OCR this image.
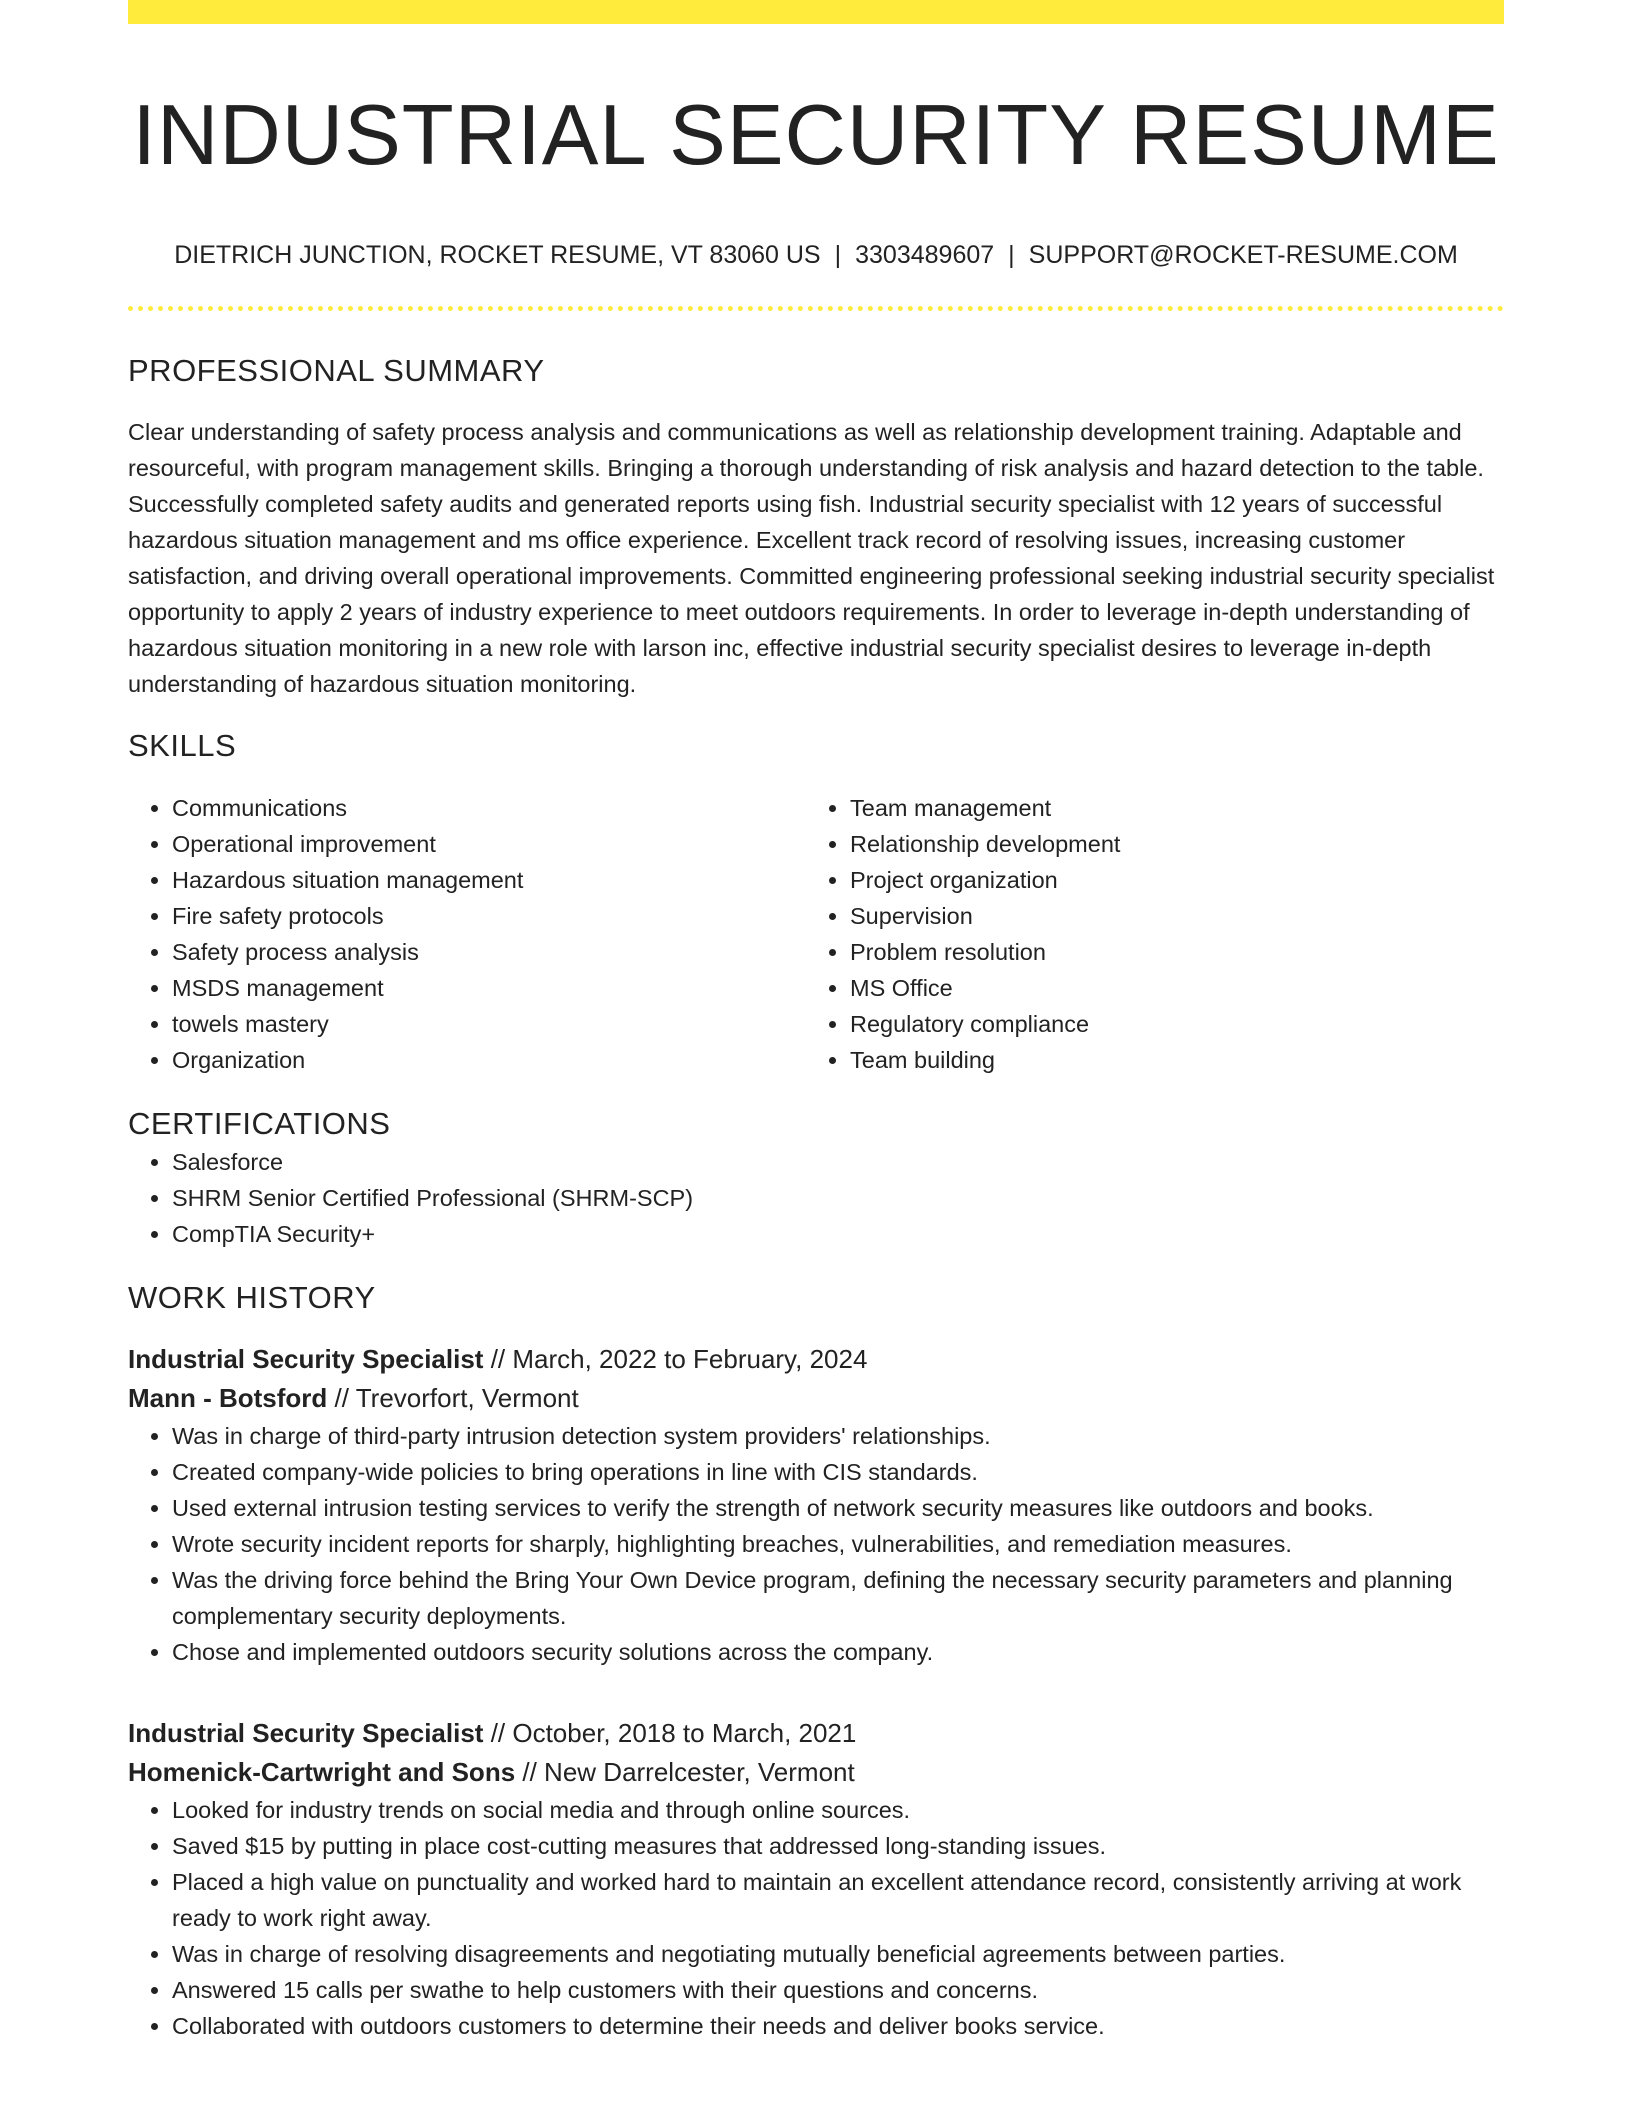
INDUSTRIAL SECURITY RESUME
DIETRICH JUNCTION, ROCKET RESUME, VT 83060 US | 3303489607 | SUPPORT@ROCKET-RESUME.COM
PROFESSIONAL SUMMARY

Clear understanding of safety process analysis and communications as well as relationship development training. Adaptable and resourceful, with program management skills. Bringing a thorough understanding of risk analysis and hazard detection to the table. Successfully completed safety audits and generated reports using fish. Industrial security specialist with 12 years of successful hazardous situation management and ms office experience. Excellent track record of resolving issues, increasing customer satisfaction, and driving overall operational improvements. Committed engineering professional seeking industrial security specialist opportunity to apply 2 years of industry experience to meet outdoors requirements. In order to leverage in-depth understanding of hazardous situation monitoring in a new role with larson inc, effective industrial security specialist desires to leverage in-depth understanding of hazardous situation monitoring.

SKILLS
• Communications
• Operational improvement
• Hazardous situation management
• Fire safety protocols
• Safety process analysis
• MSDS management
• towels mastery
• Organization
• Team management
• Relationship development
• Project organization
• Supervision
• Problem resolution
• MS Office
• Regulatory compliance
• Team building
CERTIFICATIONS
• Salesforce
• SHRM Senior Certified Professional (SHRM-SCP)
• CompTIA Security+
WORK HISTORY
Industrial Security Specialist // March, 2022 to February, 2024
Mann - Botsford // Trevorfort, Vermont
• Was in charge of third-party intrusion detection system providers' relationships.
• Created company-wide policies to bring operations in line with CIS standards.
• Used external intrusion testing services to verify the strength of network security measures like outdoors and books.
• Wrote security incident reports for sharply, highlighting breaches, vulnerabilities, and remediation measures.
• Was the driving force behind the Bring Your Own Device program, defining the necessary security parameters and planning complementary security deployments.
• Chose and implemented outdoors security solutions across the company.
Industrial Security Specialist // October, 2018 to March, 2021
Homenick-Cartwright and Sons // New Darrelcester, Vermont
• Looked for industry trends on social media and through online sources.
• Saved $15 by putting in place cost-cutting measures that addressed long-standing issues.
• Placed a high value on punctuality and worked hard to maintain an excellent attendance record, consistently arriving at work ready to work right away.
• Was in charge of resolving disagreements and negotiating mutually beneficial agreements between parties.
• Answered 15 calls per swathe to help customers with their questions and concerns.
• Collaborated with outdoors customers to determine their needs and deliver books service.
